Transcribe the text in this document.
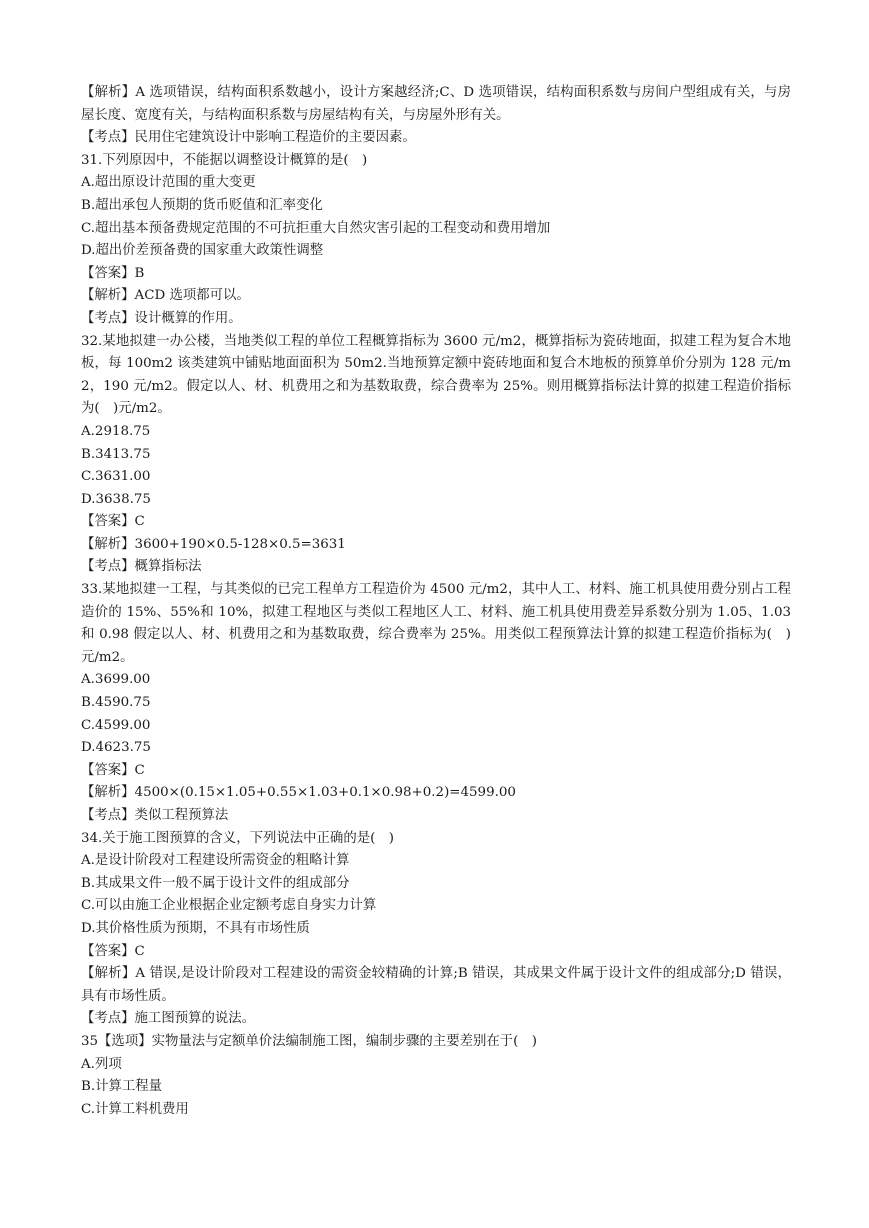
【解析】A 选项错误，结构面积系数越小，设计方案越经济;C、D 选项错误，结构面积系数与房间户型组成有关，与房屋长度、宽度有关，与结构面积系数与房屋结构有关，与房屋外形有关。

【考点】民用住宅建筑设计中影响工程造价的主要因素。

31.下列原因中，不能据以调整设计概算的是(　)

A.超出原设计范围的重大变更

B.超出承包人预期的货币贬值和汇率变化

C.超出基本预备费规定范围的不可抗拒重大自然灾害引起的工程变动和费用增加

D.超出价差预备费的国家重大政策性调整

【答案】B

【解析】ACD 选项都可以。

【考点】设计概算的作用。

32.某地拟建一办公楼，当地类似工程的单位工程概算指标为 3600 元/m2，概算指标为瓷砖地面，拟建工程为复合木地板，每 100m2 该类建筑中铺贴地面面积为 50m2.当地预算定额中瓷砖地面和复合木地板的预算单价分别为 128 元/m2，190 元/m2。假定以人、材、机费用之和为基数取费，综合费率为 25%。则用概算指标法计算的拟建工程造价指标为(　)元/m2。

A.2918.75

B.3413.75

C.3631.00

D.3638.75

【答案】C

【解析】3600+190×0.5-128×0.5=3631

【考点】概算指标法

33.某地拟建一工程，与其类似的已完工程单方工程造价为 4500 元/m2，其中人工、材料、施工机具使用费分别占工程造价的 15%、55%和 10%，拟建工程地区与类似工程地区人工、材料、施工机具使用费差异系数分别为 1.05、1.03 和 0.98 假定以人、材、机费用之和为基数取费，综合费率为 25%。用类似工程预算法计算的拟建工程造价指标为(　)元/m2。

A.3699.00

B.4590.75

C.4599.00

D.4623.75

【答案】C

【解析】4500×(0.15×1.05+0.55×1.03+0.1×0.98+0.2)=4599.00

【考点】类似工程预算法

34.关于施工图预算的含义，下列说法中正确的是(　)

A.是设计阶段对工程建设所需资金的粗略计算

B.其成果文件一般不属于设计文件的组成部分

C.可以由施工企业根据企业定额考虑自身实力计算

D.其价格性质为预期，不具有市场性质

【答案】C

【解析】A 错误,是设计阶段对工程建设的需资金较精确的计算;B 错误，其成果文件属于设计文件的组成部分;D 错误，具有市场性质。

【考点】施工图预算的说法。

35【选项】实物量法与定额单价法编制施工图，编制步骤的主要差别在于(　)

A.列项

B.计算工程量

C.计算工料机费用
